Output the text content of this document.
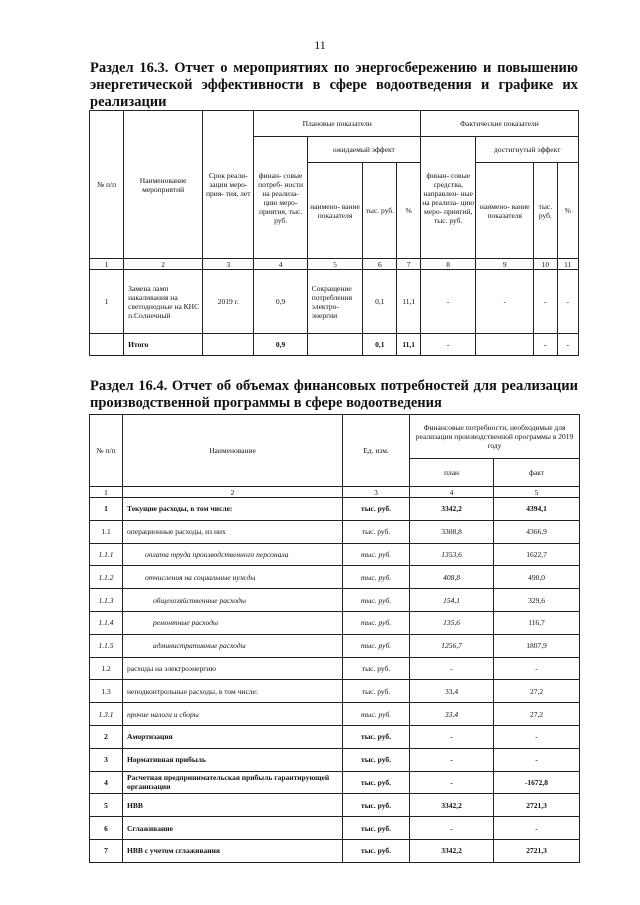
11
Раздел 16.3. Отчет о мероприятиях по энергосбережению и повышению энергетической эффективности в сфере водоотведения и графике их реализации
№ п/п	Наименование мероприятий	Срок реали- зации меро- прия- тия, лет	Плановые показатели				Фактические показатели			
			финан- совые потреб- ности на реализа- цию меро- приятия, тыс. руб.	ожидаемый эффект			финан- совые средства, направлен- ные на реализа- цию меро- приятий, тыс. руб.	достигнутый эффект		
				наимено- вание показателя	тыс. руб.	%		наимено- вание показателя	тыс. руб.	%
1	2	3	4	5	6	7	8	9	10	11
1	Замена ламп накаливания на светодиодные на КНС п.Солнечный	2019 г.	0,9	Сокращение потребления электро- энергии	0,1	11,1	-	-	-	-
	Итого		0,9		0,1	11,1	-		-	-
Раздел 16.4. Отчет об объемах финансовых потребностей для реализации производственной программы в сфере водоотведения
№ п/п	Наименование	Ед. изм.	Финансовые потребности, необходимые для реализации производственной программы в 2019 году	
			план	факт
1	2	3	4	5
1	Текущие расходы, в том числе:	тыс. руб.	3342,2	4394,1
1.1	операционные расходы, из них	тыс. руб.	3308,8	4366,9
1.1.1	оплата труда производственного персонала	тыс. руб.	1353,6	1622,7
1.1.2	отчисления на социальные нужды	тыс. руб.	408,8	490,0
1.1.3	общехозяйственные расходы	тыс. руб.	154,1	329,6
1.1.4	ремонтные расходы	тыс. руб.	135,6	116,7
1.1.5	административные расходы	тыс. руб.	1256,7	1807,9
1.2	расходы на электроэнергию	тыс. руб.	-	-
1.3	неподконтрольные расходы, в том числе:	тыс. руб.	33,4	27,2
1.3.1	прочие налоги и сборы	тыс. руб.	33,4	27,2
2	Амортизация	тыс. руб.	-	-
3	Нормативная прибыль	тыс. руб.	-	-
4	Расчетная предпринимательская прибыль гарантирующей организации	тыс. руб.	-	-1672,8
5	НВВ	тыс. руб.	3342,2	2721,3
6	Сглаживание	тыс. руб.	-	-
7	НВВ с учетом сглаживания	тыс. руб.	3342,2	2721,3
